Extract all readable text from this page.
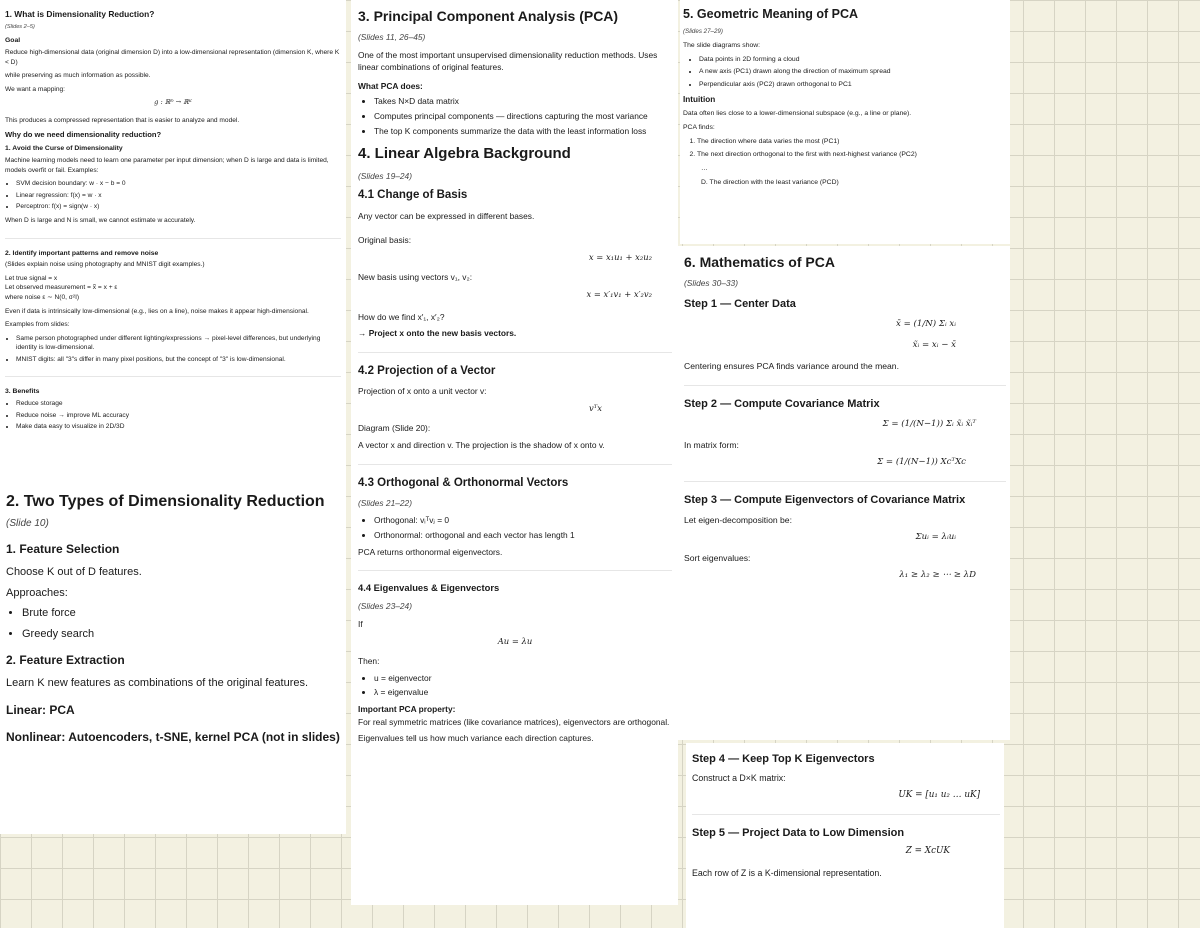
1. What is Dimensionality Reduction?
(Slides 2–5)
Goal

Reduce high-dimensional data (original dimension D) into a low-dimensional representation (dimension K, where K < D)

while preserving as much information as possible.

We want a mapping:

g : ℝᴰ → ℝᴷ

This produces a compressed representation that is easier to analyze and model.

Why do we need dimensionality reduction?
1. Avoid the Curse of Dimensionality

Machine learning models need to learn one parameter per input dimension; when D is large and data is limited, models overfit or fail. Examples:

• SVM decision boundary: w · x − b = 0
• Linear regression: f(x) = w · x
• Perceptron: f(x) = sign(w · x)

When D is large and N is small, we cannot estimate w accurately.

2. Identify important patterns and remove noise

(Slides explain noise using photography and MNIST digit examples.)

Let true signal = x
Let observed measurement = x̃ = x + ε

where noise ε ∼ N(0, σ²I)

Even if data is intrinsically low-dimensional (e.g., lies on a line), noise makes it appear high-dimensional.

Examples from slides:

• Same person photographed under different lighting/expressions → pixel-level differences, but underlying identity is low-dimensional.
• MNIST digits: all "3"s differ in many pixel positions, but the concept of "3" is low-dimensional.
3. Benefits
• Reduce storage
• Reduce noise → improve ML accuracy
• Make data easy to visualize in 2D/3D
2. Two Types of Dimensionality Reduction
(Slide 10)
1. Feature Selection

Choose K out of D features.

Approaches:

• Brute force
• Greedy search
2. Feature Extraction

Learn K new features as combinations of the original features.

Linear: PCA
Nonlinear: Autoencoders, t-SNE, kernel PCA (not in slides)
3. Principal Component Analysis (PCA)
(Slides 11, 26–45)

One of the most important unsupervised dimensionality reduction methods. Uses linear combinations of original features.

What PCA does:
• Takes N×D data matrix
• Computes principal components — directions capturing the most variance
• The top K components summarize the data with the least information loss
4. Linear Algebra Background
(Slides 19–24)
4.1 Change of Basis

Any vector can be expressed in different bases.

Original basis:

x = x₁u₁ + x₂u₂

New basis using vectors v₁, v₂:

x = x′₁v₁ + x′₂v₂

How do we find x′₁, x′₂?

→ Project x onto the new basis vectors.

4.2 Projection of a Vector

Projection of x onto a unit vector v:

vᵀx

Diagram (Slide 20):

A vector x and direction v. The projection is the shadow of x onto v.

4.3 Orthogonal & Orthonormal Vectors
(Slides 21–22)
• Orthogonal: vᵢᵀvⱼ = 0
• Orthonormal: orthogonal and each vector has length 1

PCA returns orthonormal eigenvectors.

4.4 Eigenvalues & Eigenvectors
(Slides 23–24)

If

Au = λu

Then:

• u = eigenvector
• λ = eigenvalue
Important PCA property:

For real symmetric matrices (like covariance matrices), eigenvectors are orthogonal.

Eigenvalues tell us how much variance each direction captures.

5. Geometric Meaning of PCA
(Slides 27–29)

The slide diagrams show:

• Data points in 2D forming a cloud
• A new axis (PC1) drawn along the direction of maximum spread
• Perpendicular axis (PC2) drawn orthogonal to PC1
Intuition

Data often lies close to a lower-dimensional subspace (e.g., a line or plane).

PCA finds:

1. The direction where data varies the most (PC1)
2. The next direction orthogonal to the first with next-highest variance (PC2)

…

D. The direction with the least variance (PCD)

6. Mathematics of PCA
(Slides 30–33)
Step 1 — Center Data
x̄ = (1/N) Σᵢ xᵢ
x̃ᵢ = xᵢ − x̄

Centering ensures PCA finds variance around the mean.

Step 2 — Compute Covariance Matrix
Σ = (1/(N−1)) Σᵢ x̃ᵢ x̃ᵢᵀ

In matrix form:

Σ = (1/(N−1)) XcᵀXc
Step 3 — Compute Eigenvectors of Covariance Matrix

Let eigen-decomposition be:

Σuᵢ = λᵢuᵢ

Sort eigenvalues:

λ₁ ≥ λ₂ ≥ ⋯ ≥ λD
Step 4 — Keep Top K Eigenvectors

Construct a D×K matrix:

UK = [u₁ u₂ … uK]
Step 5 — Project Data to Low Dimension
Z = XcUK

Each row of Z is a K-dimensional representation.
